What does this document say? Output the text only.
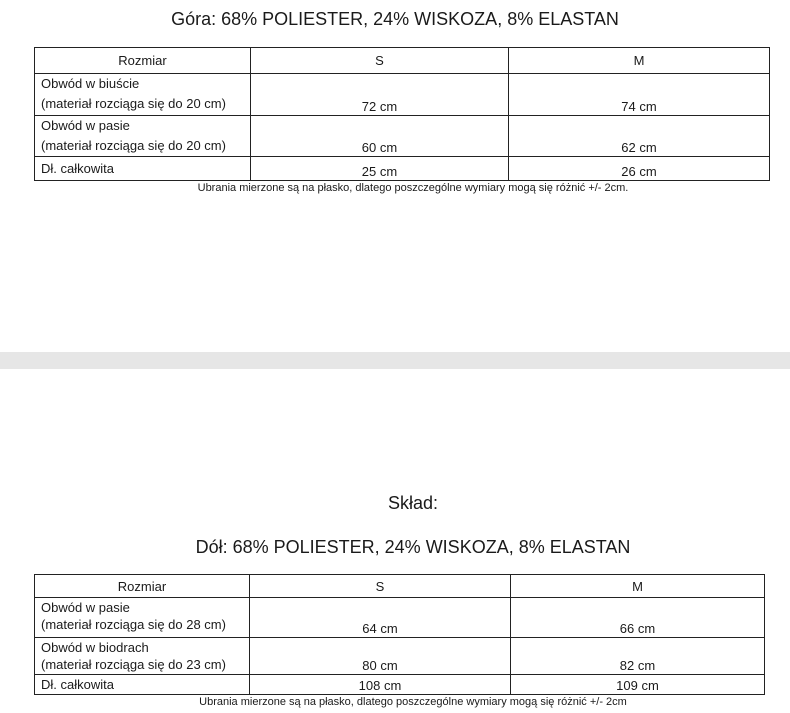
Góra: 68% POLIESTER, 24% WISKOZA, 8% ELASTAN
Rozmiar	S	M

Obwód w biuście
(materiał rozciąga się do 20 cm)	72 cm	74 cm

Obwód w pasie
(materiał rozciąga się do 20 cm)	60 cm	62 cm

Dł. całkowita	25 cm	26 cm
Ubrania mierzone są na płasko, dlatego poszczególne wymiary mogą się różnić +/- 2cm.
Skład:
Dół: 68% POLIESTER, 24% WISKOZA, 8% ELASTAN
Rozmiar	S	M

Obwód w pasie
(materiał rozciąga się do 28 cm)	64 cm	66 cm

Obwód w biodrach
(materiał rozciąga się do 23 cm)	80 cm	82 cm

Dł. całkowita	108 cm	109 cm
Ubrania mierzone są na płasko, dlatego poszczególne wymiary mogą się różnić +/- 2cm
